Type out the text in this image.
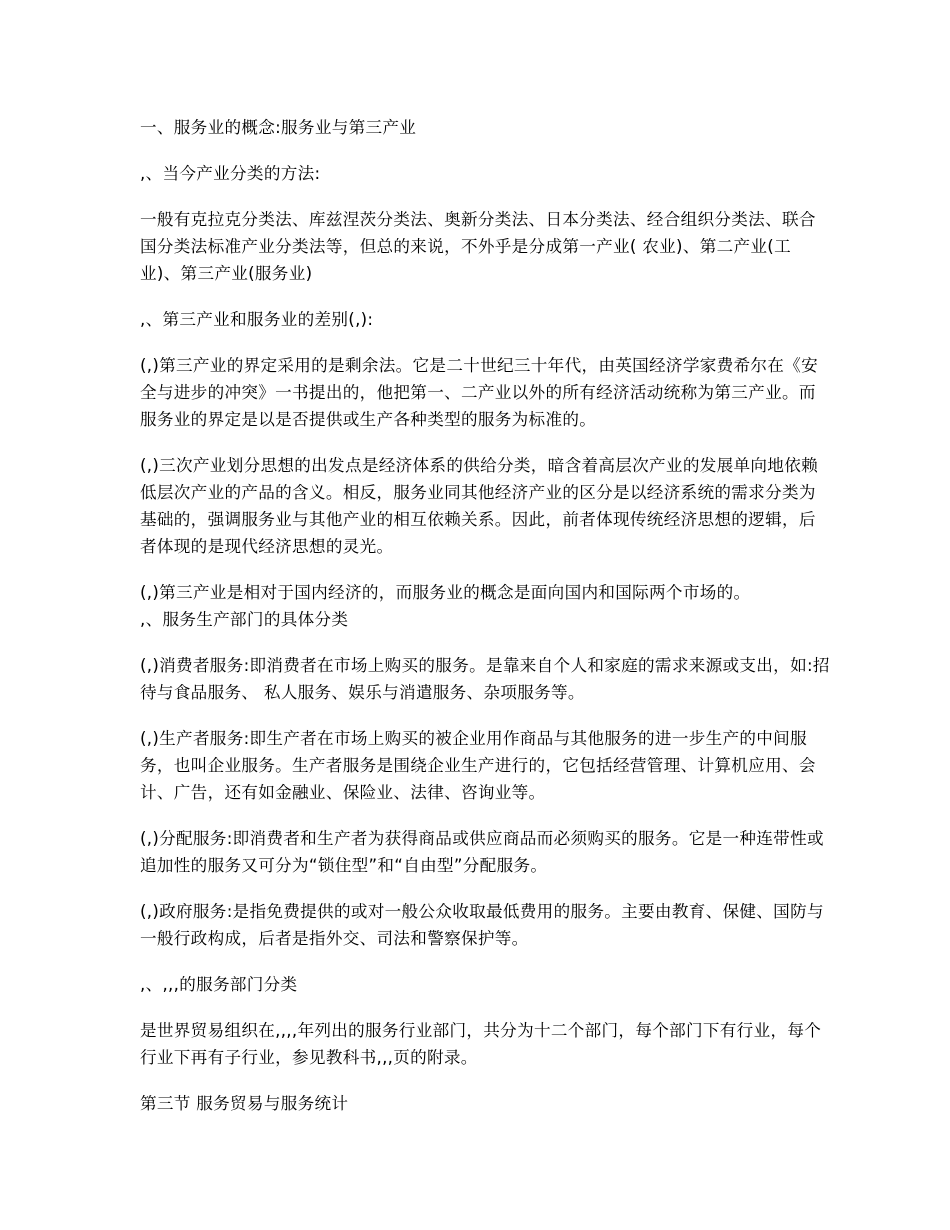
一、服务业的概念:服务业与第三产业

,、当今产业分类的方法:

一般有克拉克分类法、库兹涅茨分类法、奥新分类法、日本分类法、经合组织分类法、联合国分类法标准产业分类法等，但总的来说，不外乎是分成第一产业( 农业)、第二产业(工业)、第三产业(服务业)

,、第三产业和服务业的差别(,):

(,)第三产业的界定采用的是剩余法。它是二十世纪三十年代，由英国经济学家费希尔在《安全与进步的冲突》一书提出的，他把第一、二产业以外的所有经济活动统称为第三产业。而服务业的界定是以是否提供或生产各种类型的服务为标准的。

(,)三次产业划分思想的出发点是经济体系的供给分类，暗含着高层次产业的发展单向地依赖低层次产业的产品的含义。相反，服务业同其他经济产业的区分是以经济系统的需求分类为基础的，强调服务业与其他产业的相互依赖关系。因此，前者体现传统经济思想的逻辑，后者体现的是现代经济思想的灵光。

(,)第三产业是相对于国内经济的，而服务业的概念是面向国内和国际两个市场的。

,、服务生产部门的具体分类

(,)消费者服务:即消费者在市场上购买的服务。是靠来自个人和家庭的需求来源或支出，如:招待与食品服务、 私人服务、娱乐与消遣服务、杂项服务等。

(,)生产者服务:即生产者在市场上购买的被企业用作商品与其他服务的进一步生产的中间服务，也叫企业服务。生产者服务是围绕企业生产进行的，它包括经营管理、计算机应用、会计、广告，还有如金融业、保险业、法律、咨询业等。

(,)分配服务:即消费者和生产者为获得商品或供应商品而必须购买的服务。它是一种连带性或追加性的服务又可分为“锁住型”和“自由型”分配服务。

(,)政府服务:是指免费提供的或对一般公众收取最低费用的服务。主要由教育、保健、国防与一般行政构成，后者是指外交、司法和警察保护等。

,、,,,的服务部门分类

是世界贸易组织在,,,,年列出的服务行业部门，共分为十二个部门，每个部门下有行业，每个行业下再有子行业，参见教科书,,,页的附录。

第三节 服务贸易与服务统计
